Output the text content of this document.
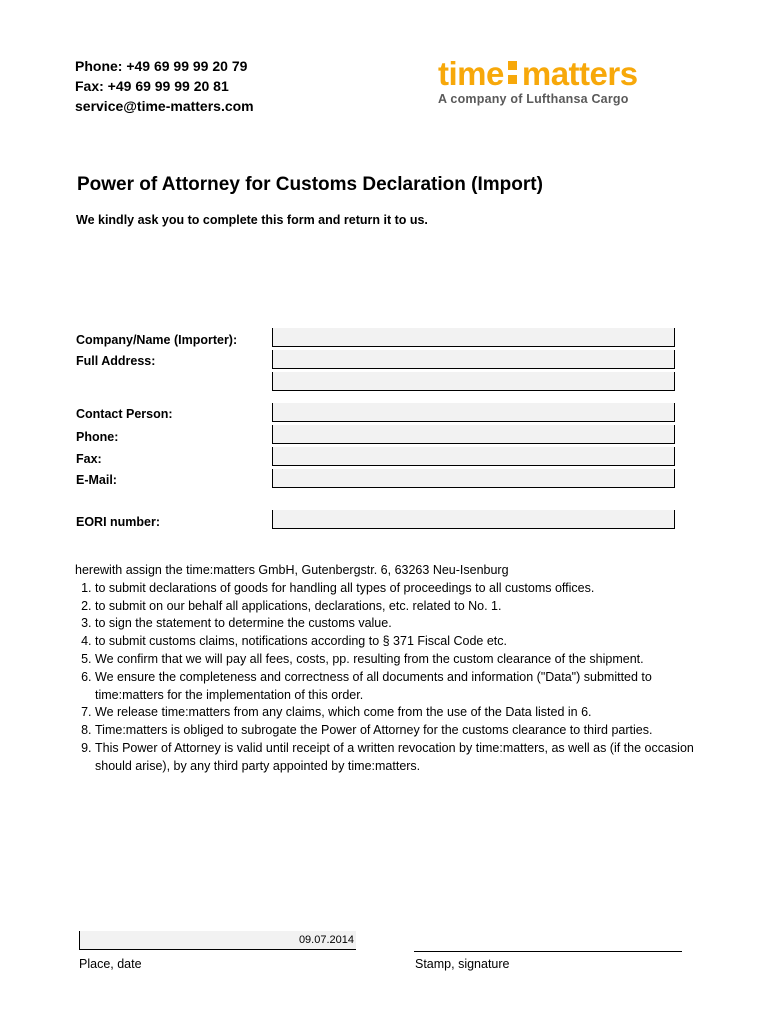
Phone: +49 69 99 99 20 79
Fax: +49 69 99 99 20 81
service@time-matters.com
time matters
A company of Lufthansa Cargo
Power of Attorney for Customs Declaration (Import)
We kindly ask you to complete this form and return it to us.
Company/Name (Importer):
Full Address:
Contact Person:
Phone:
Fax:
E-Mail:
EORI number:
herewith assign the time:matters GmbH, Gutenbergstr. 6, 63263 Neu-Isenburg
1. to submit declarations of goods for handling all types of proceedings to all customs offices.
2. to submit on our behalf all applications, declarations, etc. related to No. 1.
3. to sign the statement to determine the customs value.
4. to submit customs claims, notifications according to § 371 Fiscal Code etc.
5. We confirm that we will pay all fees, costs, pp. resulting from the custom clearance of the shipment.
6. We ensure the completeness and correctness of all documents and information ("Data") submitted to time:matters for the implementation of this order.
7. We release time:matters from any claims, which come from the use of the Data listed in 6.
8. Time:matters is obliged to subrogate the Power of Attorney for the customs clearance to third parties.
9. This Power of Attorney is valid until receipt of a written revocation by time:matters, as well as (if the occasion should arise), by any third party appointed by time:matters.
09.07.2014
Place, date	Stamp, signature
